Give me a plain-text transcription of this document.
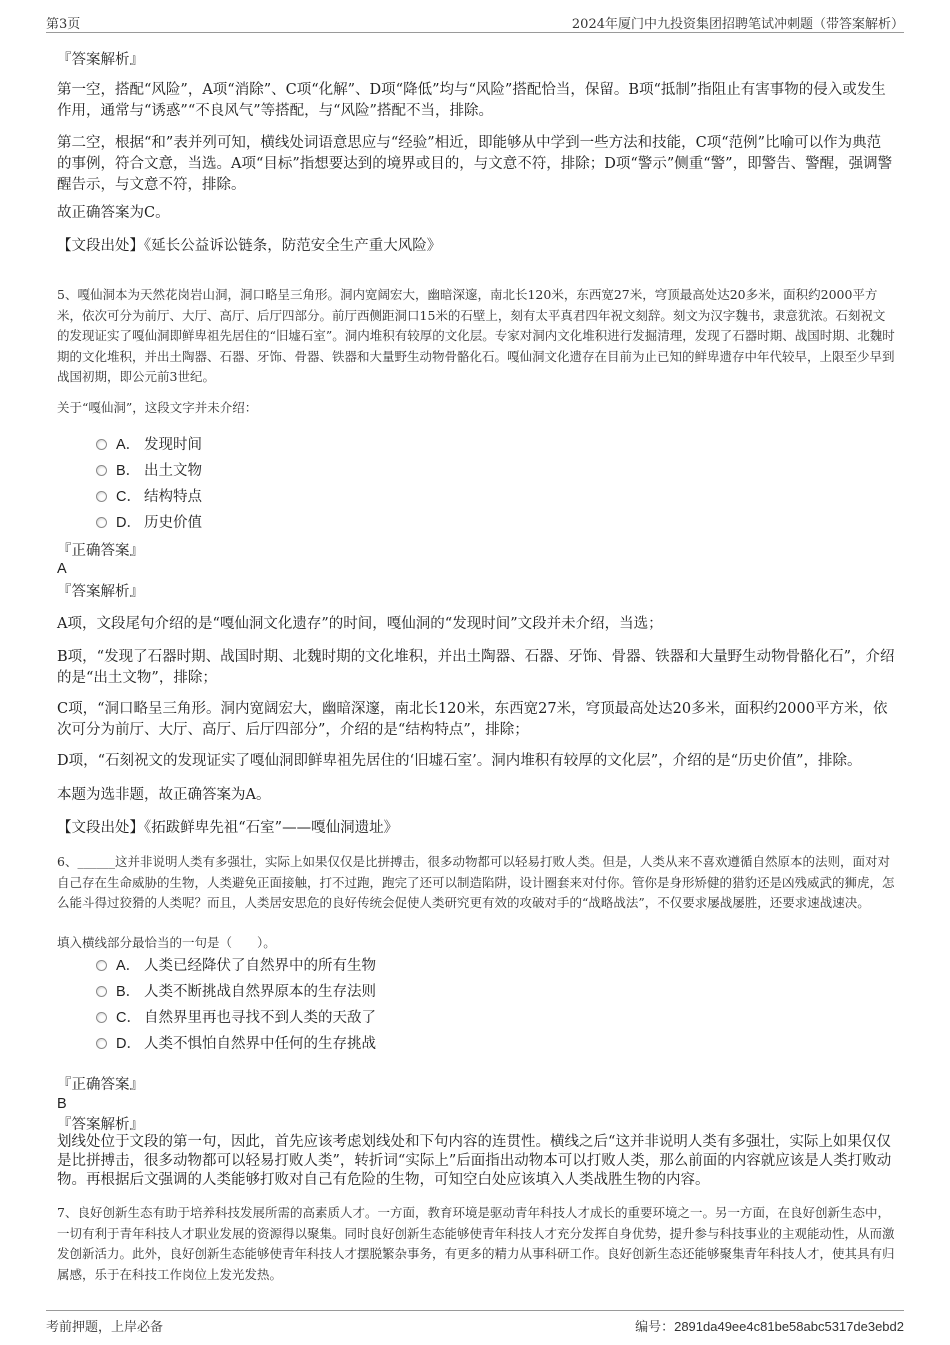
第3页	2024年厦门中九投资集团招聘笔试冲刺题（带答案解析）

『答案解析』

第一空，搭配“风险”，A项“消除”、C项“化解”、D项“降低”均与“风险”搭配恰当，保留。B项“抵制”指阻止有害事物的侵入或发生作用，通常与“诱惑”“不良风气”等搭配，与“风险”搭配不当，排除。

第二空，根据“和”表并列可知，横线处词语意思应与“经验”相近，即能够从中学到一些方法和技能，C项“范例”比喻可以作为典范的事例，符合文意，当选。A项“目标”指想要达到的境界或目的，与文意不符，排除；D项“警示”侧重“警”，即警告、警醒，强调警醒告示，与文意不符，排除。

故正确答案为C。

【文段出处】《延长公益诉讼链条，防范安全生产重大风险》

5、嘎仙洞本为天然花岗岩山洞，洞口略呈三角形。洞内宽阔宏大，幽暗深邃，南北长120米，东西宽27米，穹顶最高处达20多米，面积约2000平方米，依次可分为前厅、大厅、高厅、后厅四部分。前厅西侧距洞口15米的石壁上，刻有太平真君四年祝文刻辞。刻文为汉字魏书，隶意犹浓。石刻祝文的发现证实了嘎仙洞即鲜卑祖先居住的“旧墟石室”。洞内堆积有较厚的文化层。专家对洞内文化堆积进行发掘清理，发现了石器时期、战国时期、北魏时期的文化堆积，并出土陶器、石器、牙饰、骨器、铁器和大量野生动物骨骼化石。嘎仙洞文化遗存在目前为止已知的鲜卑遗存中年代较早，上限至少早到战国初期，即公元前3世纪。

关于“嘎仙洞”，这段文字并未介绍：

A． 发现时间
B． 出土文物
C． 结构特点
D． 历史价值

『正确答案』

A

『答案解析』

A项，文段尾句介绍的是“嘎仙洞文化遗存”的时间，嘎仙洞的“发现时间”文段并未介绍，当选；

B项，“发现了石器时期、战国时期、北魏时期的文化堆积，并出土陶器、石器、牙饰、骨器、铁器和大量野生动物骨骼化石”，介绍的是“出土文物”，排除；

C项，“洞口略呈三角形。洞内宽阔宏大，幽暗深邃，南北长120米，东西宽27米，穹顶最高处达20多米，面积约2000平方米，依次可分为前厅、大厅、高厅、后厅四部分”，介绍的是“结构特点”，排除；

D项，“石刻祝文的发现证实了嘎仙洞即鲜卑祖先居住的‘旧墟石室’。洞内堆积有较厚的文化层”，介绍的是“历史价值”，排除。

本题为选非题，故正确答案为A。

【文段出处】《拓跋鲜卑先祖“石室”——嘎仙洞遗址》

6、______这并非说明人类有多强壮，实际上如果仅仅是比拼搏击，很多动物都可以轻易打败人类。但是，人类从来不喜欢遵循自然原本的法则，面对对自己存在生命威胁的生物，人类避免正面接触，打不过跑，跑完了还可以制造陷阱，设计圈套来对付你。管你是身形矫健的猎豹还是凶残威武的狮虎，怎么能斗得过狡猾的人类呢？而且，人类居安思危的良好传统会促使人类研究更有效的攻破对手的“战略战法”，不仅要求屡战屡胜，还要求速战速决。

填入横线部分最恰当的一句是（　　）。

A． 人类已经降伏了自然界中的所有生物
B． 人类不断挑战自然界原本的生存法则
C． 自然界里再也寻找不到人类的天敌了
D． 人类不惧怕自然界中任何的生存挑战

『正确答案』

B

『答案解析』

划线处位于文段的第一句，因此，首先应该考虑划线处和下句内容的连贯性。横线之后“这并非说明人类有多强壮，实际上如果仅仅是比拼搏击，很多动物都可以轻易打败人类”，转折词“实际上”后面指出动物本可以打败人类，那么前面的内容就应该是人类打败动物。再根据后文强调的人类能够打败对自己有危险的生物，可知空白处应该填入人类战胜生物的内容。

7、良好创新生态有助于培养科技发展所需的高素质人才。一方面，教育环境是驱动青年科技人才成长的重要环境之一。另一方面，在良好创新生态中，一切有利于青年科技人才职业发展的资源得以聚集。同时良好创新生态能够使青年科技人才充分发挥自身优势，提升参与科技事业的主观能动性，从而激发创新活力。此外，良好创新生态能够使青年科技人才摆脱繁杂事务，有更多的精力从事科研工作。良好创新生态还能够聚集青年科技人才，使其具有归属感，乐于在科技工作岗位上发光发热。

考前押题，上岸必备	编号：2891da49ee4c81be58abc5317de3ebd2
